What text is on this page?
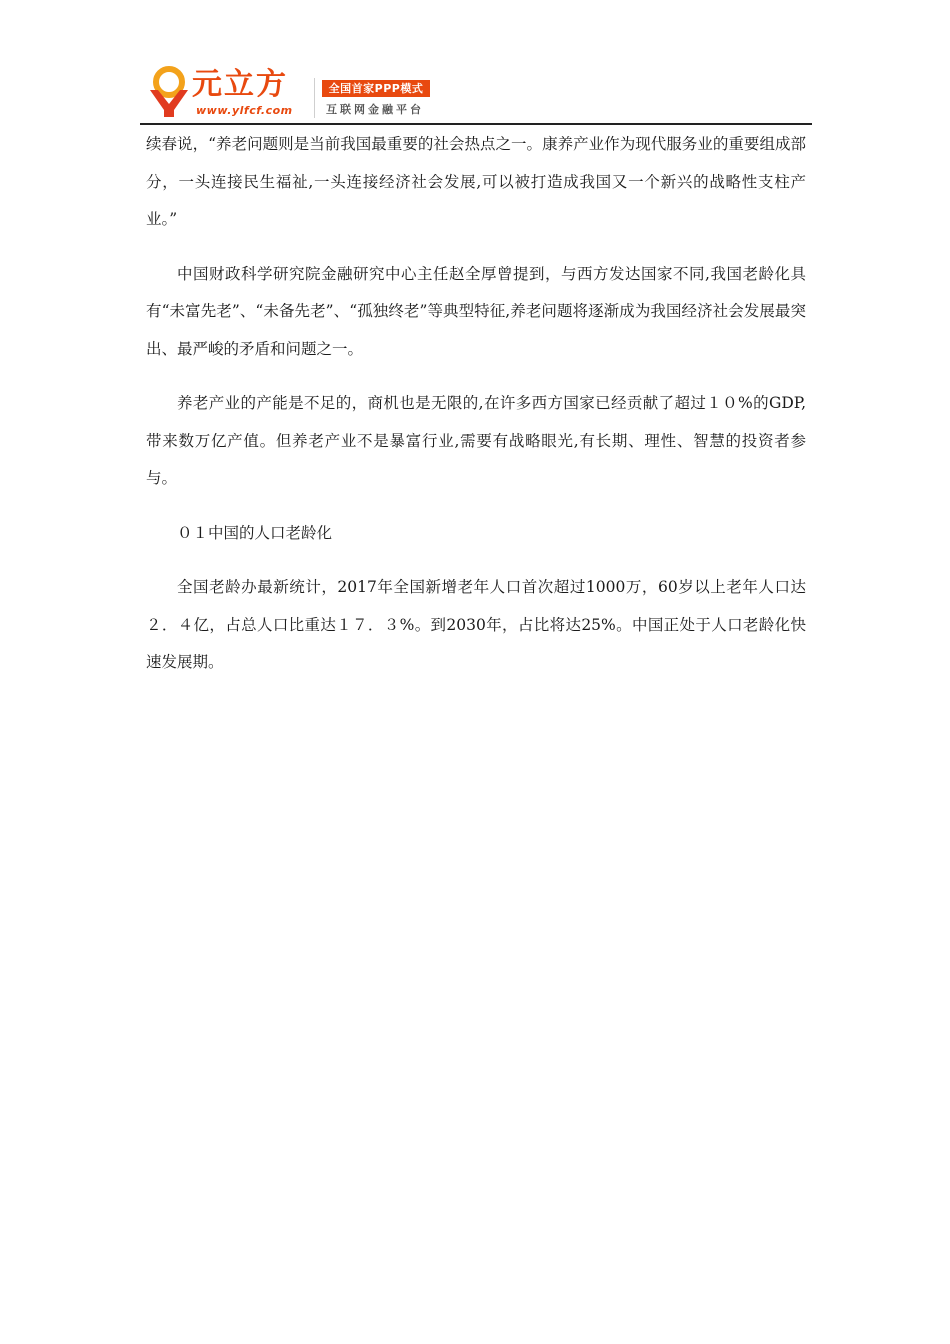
元立方
www.ylfcf.com
全国首家PPP模式
互联网金融平台

续春说，“养老问题则是当前我国最重要的社会热点之一。康养产业作为现代服务业的重要组成部分，一头连接民生福祉,一头连接经济社会发展,可以被打造成我国又一个新兴的战略性支柱产业。”

中国财政科学研究院金融研究中心主任赵全厚曾提到，与西方发达国家不同,我国老龄化具有“未富先老”、“未备先老”、“孤独终老”等典型特征,养老问题将逐渐成为我国经济社会发展最突出、最严峻的矛盾和问题之一。

养老产业的产能是不足的，商机也是无限的,在许多西方国家已经贡献了超过１０%的GDP,带来数万亿产值。但养老产业不是暴富行业,需要有战略眼光,有长期、理性、智慧的投资者参与。

０１中国的人口老龄化

全国老龄办最新统计，2017年全国新增老年人口首次超过1000万，60岁以上老年人口达２．４亿，占总人口比重达１７．３%。到2030年，占比将达25%。中国正处于人口老龄化快速发展期。
